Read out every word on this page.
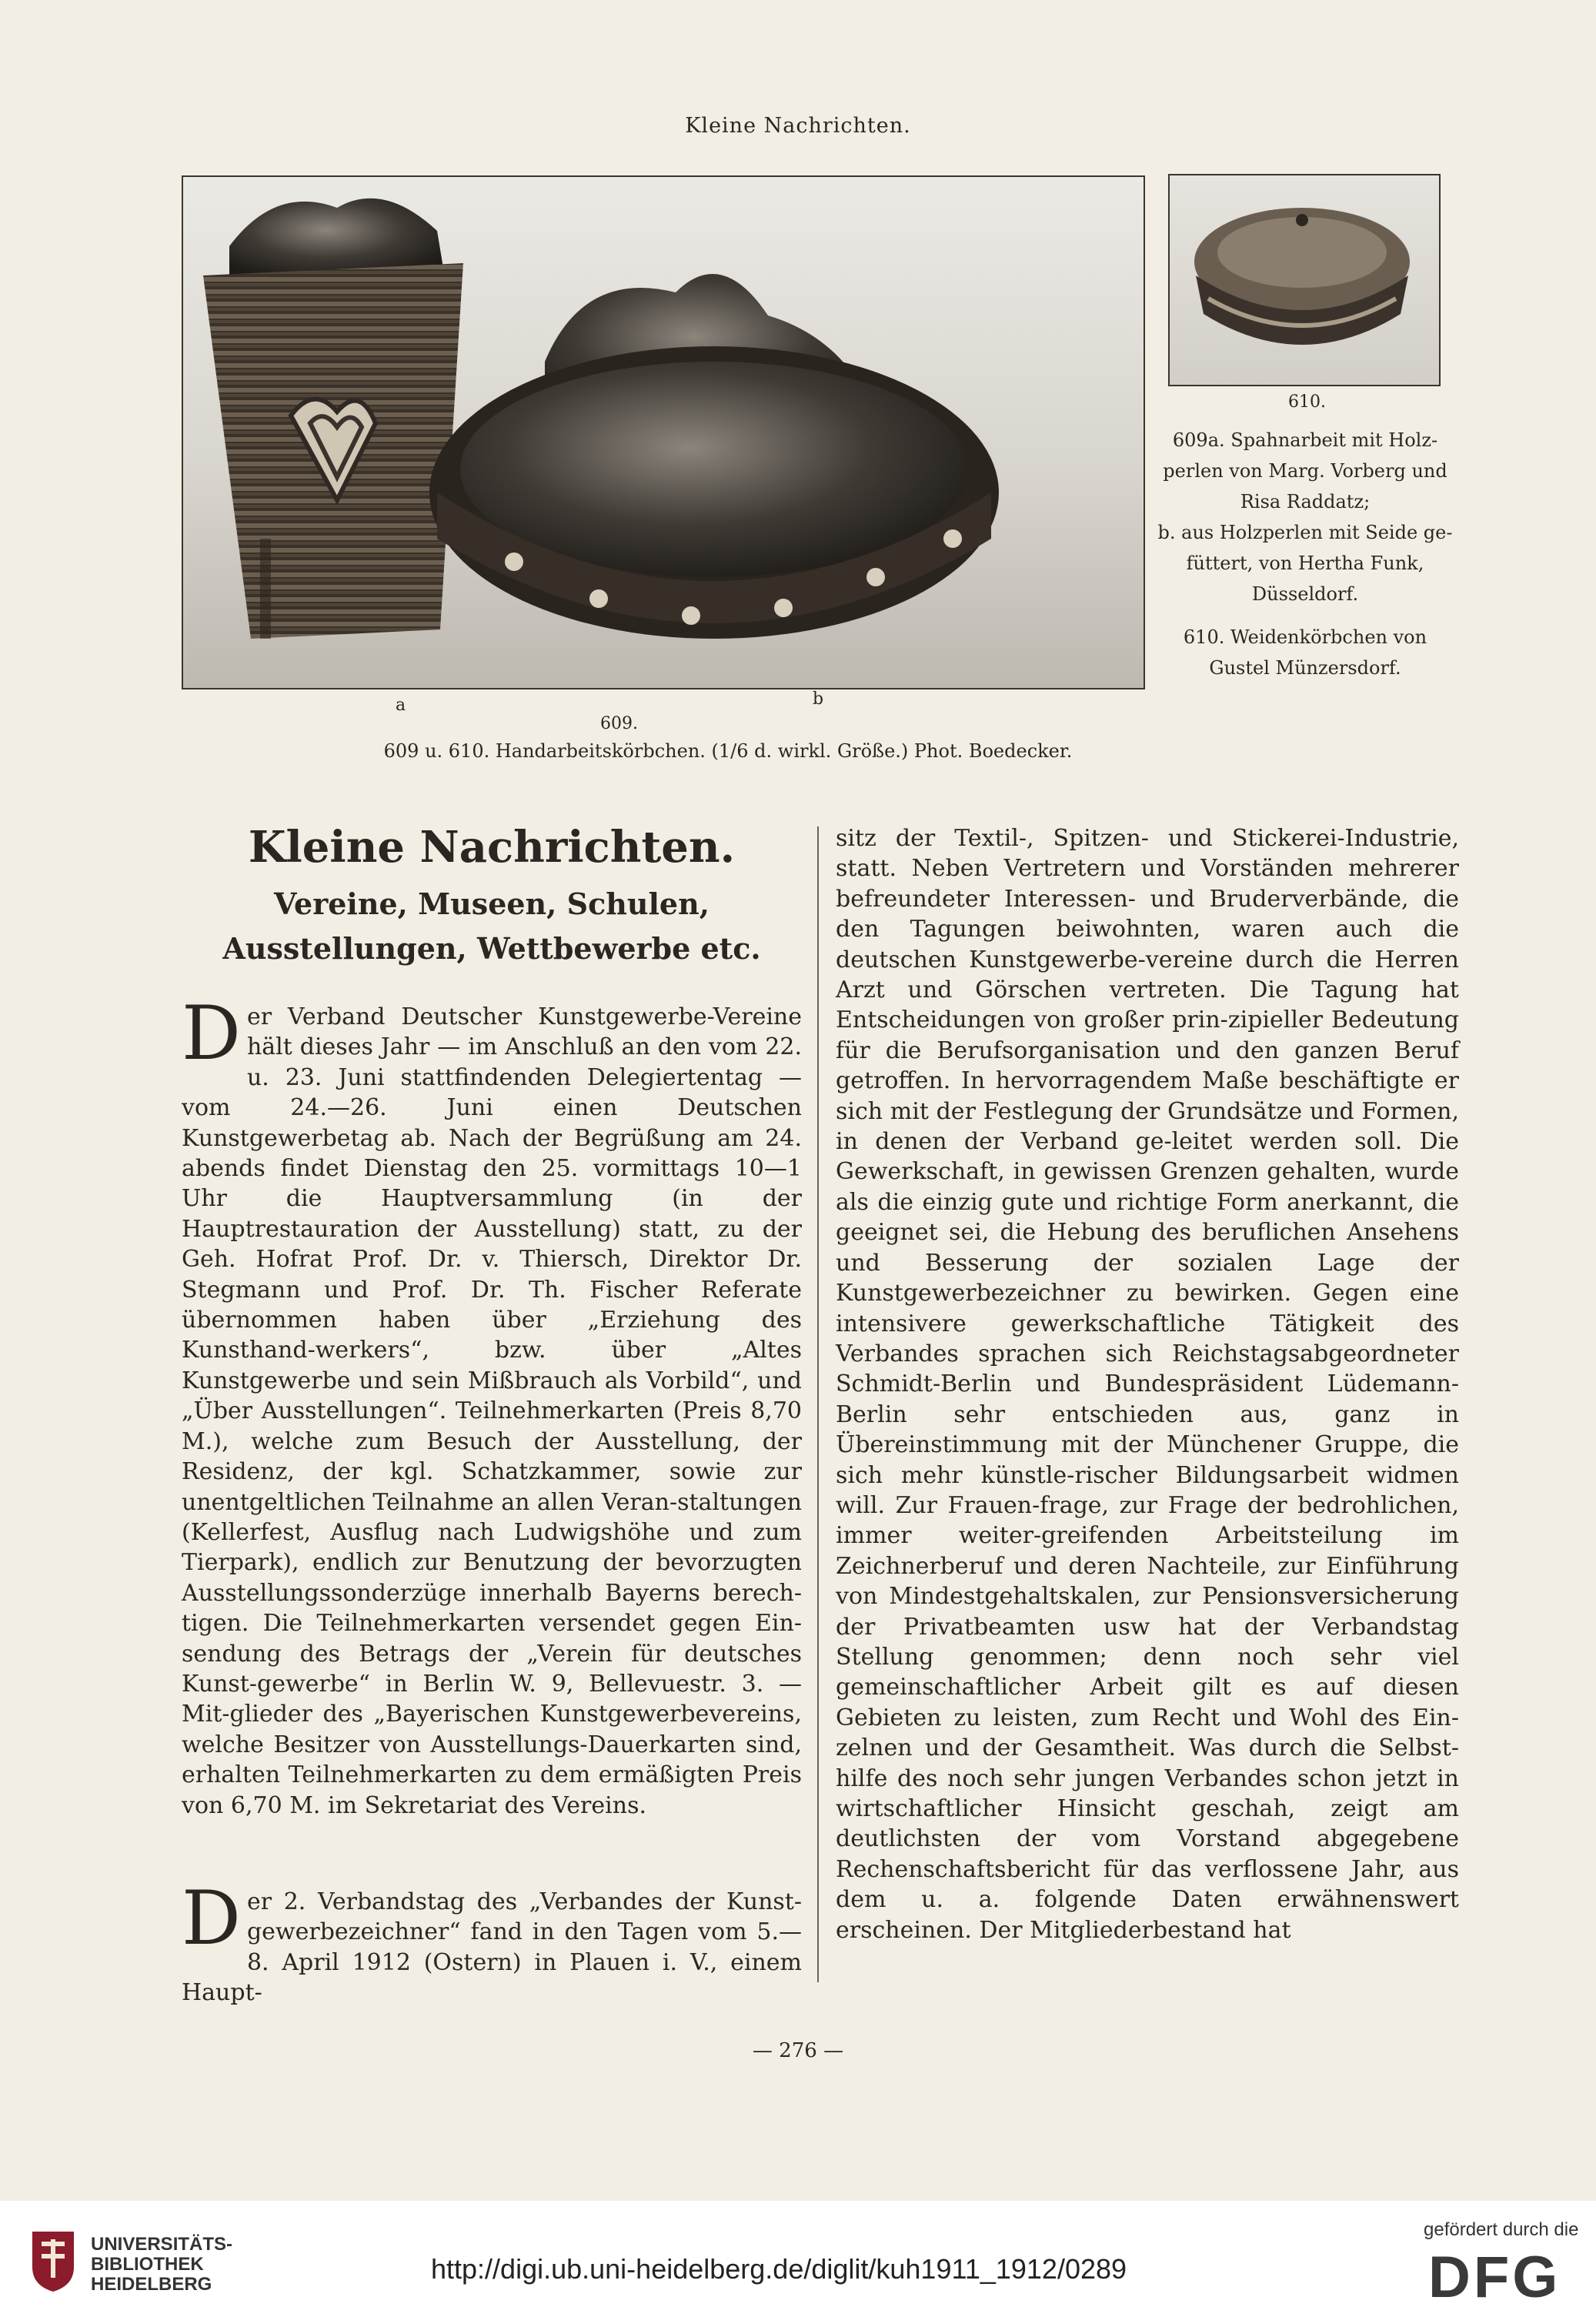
Kleine Nachrichten.
a	b
609.
610.
609a. Spahnarbeit mit Holz- perlen von Marg. Vorberg und Risa Raddatz;
b. aus Holzperlen mit Seide ge- füttert, von Hertha Funk, Düsseldorf.
610. Weidenkörbchen von Gustel Münzersdorf.
609 u. 610. Handarbeitskörbchen. (1/6 d. wirkl. Größe.) Phot. Boedecker.
Kleine Nachrichten.
Vereine, Museen, Schulen, Ausstellungen, Wettbewerbe etc.
D er Verband Deutscher Kunstgewerbe-Vereine hält dieses Jahr — im Anschluß an den vom 22. u. 23. Juni stattfindenden Delegiertentag — vom 24.—26. Juni einen Deutschen Kunstgewerbetag ab. Nach der Begrüßung am 24. abends findet Dienstag den 25. vormittags 10—1 Uhr die Hauptversammlung (in der Hauptrestauration der Ausstellung) statt, zu der Geh. Hofrat Prof. Dr. v. Thiersch, Direktor Dr. Stegmann und Prof. Dr. Th. Fischer Referate übernommen haben über „Erziehung des Kunsthand-werkers“, bzw. über „Altes Kunstgewerbe und sein Mißbrauch als Vorbild“, und „Über Ausstellungen“. Teilnehmerkarten (Preis 8,70 M.), welche zum Besuch der Ausstellung, der Residenz, der kgl. Schatzkammer, sowie zur unentgeltlichen Teilnahme an allen Veran-staltungen (Kellerfest, Ausflug nach Ludwigshöhe und zum Tierpark), endlich zur Benutzung der bevorzugten Ausstellungssonderzüge innerhalb Bayerns berech-tigen. Die Teilnehmerkarten versendet gegen Ein-sendung des Betrags der „Verein für deutsches Kunst-gewerbe“ in Berlin W. 9, Bellevuestr. 3. — Mit-glieder des „Bayerischen Kunstgewerbevereins, welche Besitzer von Ausstellungs-Dauerkarten sind, erhalten Teilnehmerkarten zu dem ermäßigten Preis von 6,70 M. im Sekretariat des Vereins.

D er 2. Verbandstag des „Verbandes der Kunst-gewerbezeichner“ fand in den Tagen vom 5.—8. April 1912 (Ostern) in Plauen i. V., einem Haupt-

sitz der Textil-, Spitzen- und Stickerei-Industrie, statt. Neben Vertretern und Vorständen mehrerer befreundeter Interessen- und Bruderverbände, die den Tagungen beiwohnten, waren auch die deutschen Kunstgewerbe-vereine durch die Herren Arzt und Görschen vertreten. Die Tagung hat Entscheidungen von großer prin-zipieller Bedeutung für die Berufsorganisation und den ganzen Beruf getroffen. In hervorragendem Maße beschäftigte er sich mit der Festlegung der Grundsätze und Formen, in denen der Verband ge-leitet werden soll. Die Gewerkschaft, in gewissen Grenzen gehalten, wurde als die einzig gute und richtige Form anerkannt, die geeignet sei, die Hebung des beruflichen Ansehens und Besserung der sozialen Lage der Kunstgewerbezeichner zu bewirken. Gegen eine intensivere gewerkschaftliche Tätigkeit des Verbandes sprachen sich Reichstagsabgeordneter Schmidt-Berlin und Bundespräsident Lüdemann-Berlin sehr entschieden aus, ganz in Übereinstimmung mit der Münchener Gruppe, die sich mehr künstle-rischer Bildungsarbeit widmen will. Zur Frauen-frage, zur Frage der bedrohlichen, immer weiter-greifenden Arbeitsteilung im Zeichnerberuf und deren Nachteile, zur Einführung von Mindestgehaltskalen, zur Pensionsversicherung der Privatbeamten usw hat der Verbandstag Stellung genommen; denn noch sehr viel gemeinschaftlicher Arbeit gilt es auf diesen Gebieten zu leisten, zum Recht und Wohl des Ein-zelnen und der Gesamtheit. Was durch die Selbst-hilfe des noch sehr jungen Verbandes schon jetzt in wirtschaftlicher Hinsicht geschah, zeigt am deutlichsten der vom Vorstand abgegebene Rechenschaftsbericht für das verflossene Jahr, aus dem u. a. folgende Daten erwähnenswert erscheinen. Der Mitgliederbestand hat

— 276 —
UNIVERSITÄTS-
BIBLIOTHEK
HEIDELBERG	http://digi.ub.uni-heidelberg.de/diglit/kuh1911_1912/0289
gefördert durch die
DFG
